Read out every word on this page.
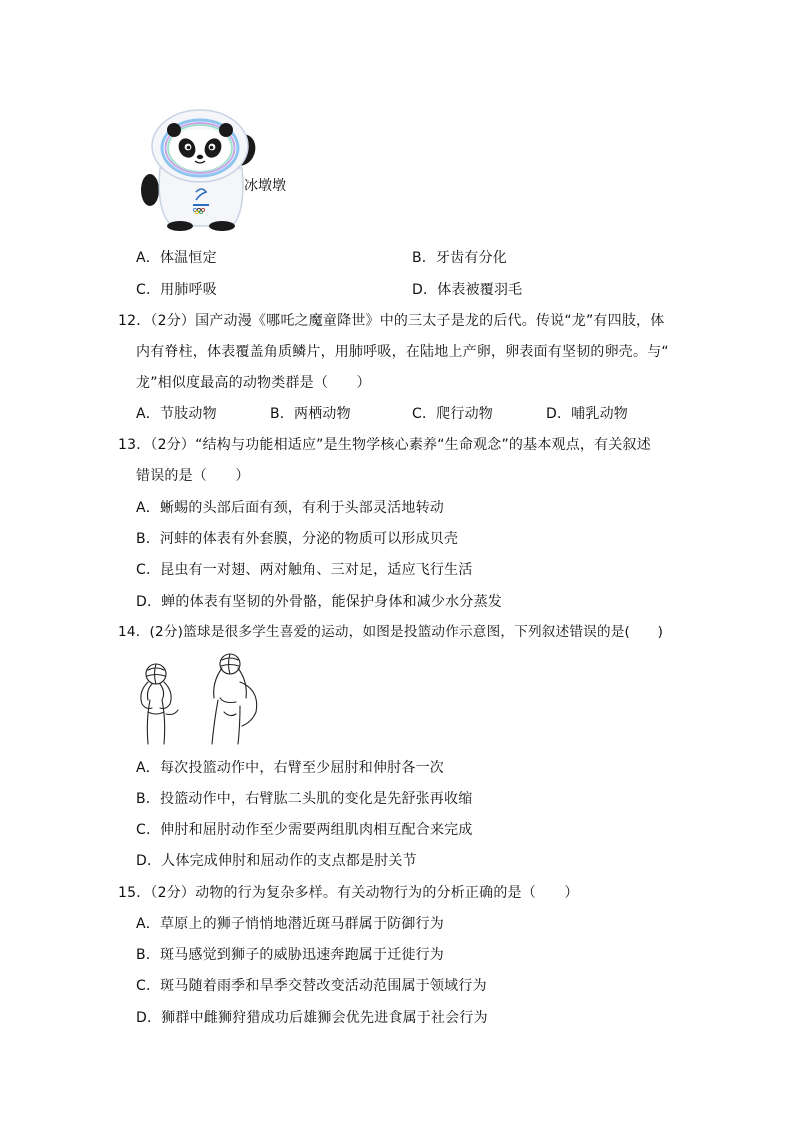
冰墩墩
A．体温恒定	B．牙齿有分化
C．用肺呼吸	D．体表被覆羽毛
12．（2分）国产动漫《哪吒之魔童降世》中的三太子是龙的后代。传说“龙”有四肢，体
内有脊柱，体表覆盖角质鳞片，用肺呼吸，在陆地上产卵，卵表面有坚韧的卵壳。与“
龙”相似度最高的动物类群是（　　）
A．节肢动物	B．两栖动物	C．爬行动物	D．哺乳动物
13．（2分）“结构与功能相适应”是生物学核心素养“生命观念”的基本观点，有关叙述
错误的是（　　）
A．蜥蜴的头部后面有颈，有利于头部灵活地转动
B．河蚌的体表有外套膜，分泌的物质可以形成贝壳
C．昆虫有一对翅、两对触角、三对足，适应飞行生活
D．蝉的体表有坚韧的外骨骼，能保护身体和减少水分蒸发
14．(2分)篮球是很多学生喜爱的运动，如图是投篮动作示意图，下列叙述错误的是(　　)
A．每次投篮动作中，右臂至少屈肘和伸肘各一次
B．投篮动作中，右臂肱二头肌的变化是先舒张再收缩
C．伸肘和屈肘动作至少需要两组肌肉相互配合来完成
D．人体完成伸肘和屈动作的支点都是肘关节
15．（2分）动物的行为复杂多样。有关动物行为的分析正确的是（　　）
A．草原上的狮子悄悄地潜近斑马群属于防御行为
B．斑马感觉到狮子的威胁迅速奔跑属于迁徙行为
C．斑马随着雨季和旱季交替改变活动范围属于领域行为
D．狮群中雌狮狩猎成功后雄狮会优先进食属于社会行为
